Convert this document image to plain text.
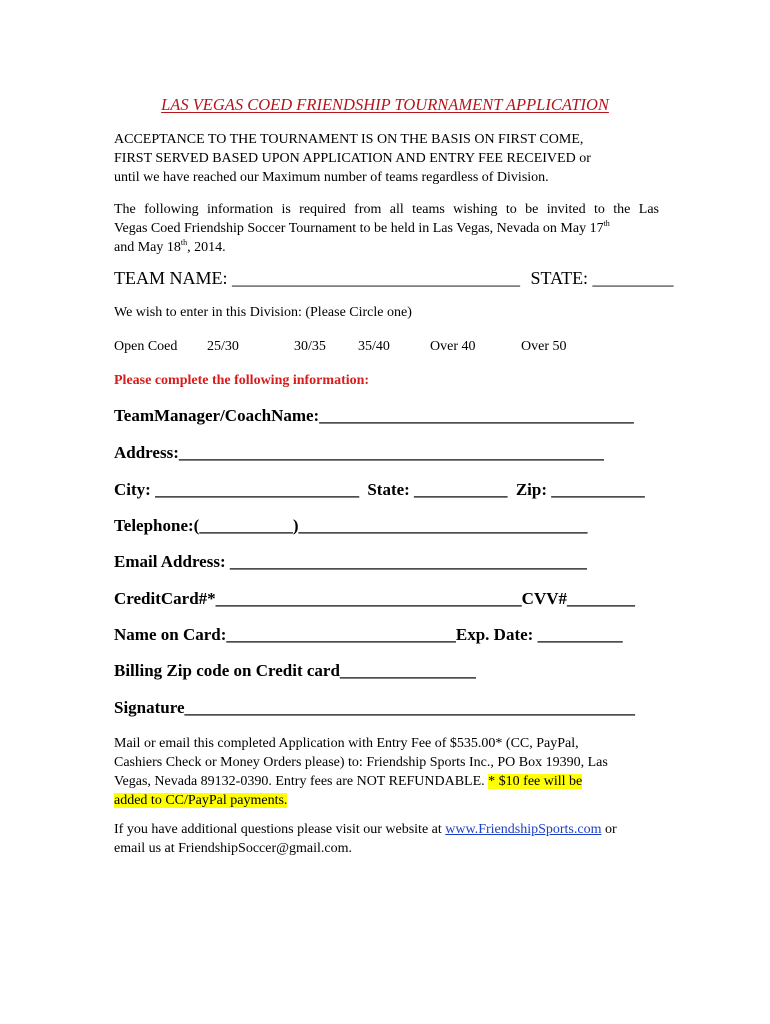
LAS VEGAS COED FRIENDSHIP TOURNAMENT APPLICATION

ACCEPTANCE TO THE TOURNAMENT IS ON THE BASIS ON FIRST COME,
FIRST SERVED BASED UPON APPLICATION AND ENTRY FEE RECEIVED or
until we have reached our Maximum number of teams regardless of Division.

The following information is required from all teams wishing to be invited to the Las
Vegas Coed Friendship Soccer Tournament to be held in Las Vegas, Nevada on May 17th
and May 18th, 2014.

TEAM NAME: ________________________________ STATE: _________
We wish to enter in this Division: (Please Circle one)
Open Coed 25/30	30/35 35/40	Over 40	Over 50
Please complete the following information:
TeamManager/CoachName:_____________________________________
Address:__________________________________________________
City: ________________________ State: ___________ Zip: ___________
Telephone:(___________)__________________________________
Email Address: __________________________________________
CreditCard#*____________________________________CVV#________
Name on Card:___________________________Exp. Date: __________
Billing Zip code on Credit card________________
Signature_____________________________________________________

Mail or email this completed Application with Entry Fee of $535.00* (CC, PayPal,
Cashiers Check or Money Orders please) to: Friendship Sports Inc., PO Box 19390, Las
Vegas, Nevada 89132-0390. Entry fees are NOT REFUNDABLE. * $10 fee will be
added to CC/PayPal payments.

If you have additional questions please visit our website at www.FriendshipSports.com or
email us at FriendshipSoccer@gmail.com.
